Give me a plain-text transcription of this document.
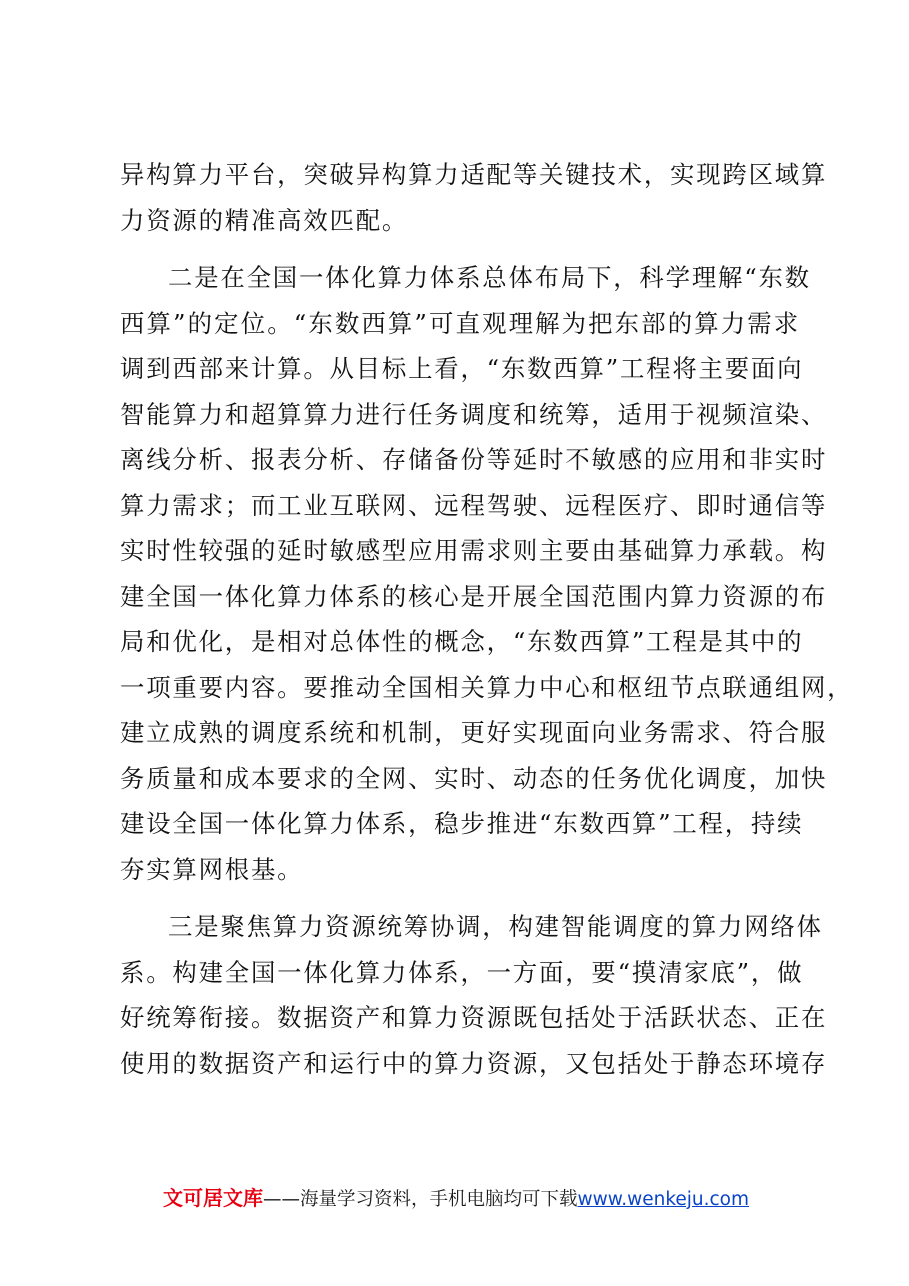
异构算力平台，突破异构算力适配等关键技术，实现跨区域算
力资源的精准高效匹配。

二是在全国一体化算力体系总体布局下，科学理解“东数
西算”的定位。“东数西算”可直观理解为把东部的算力需求
调到西部来计算。从目标上看，“东数西算”工程将主要面向
智能算力和超算算力进行任务调度和统筹，适用于视频渲染、
离线分析、报表分析、存储备份等延时不敏感的应用和非实时
算力需求；而工业互联网、远程驾驶、远程医疗、即时通信等
实时性较强的延时敏感型应用需求则主要由基础算力承载。构
建全国一体化算力体系的核心是开展全国范围内算力资源的布
局和优化，是相对总体性的概念，“东数西算”工程是其中的
一项重要内容。要推动全国相关算力中心和枢纽节点联通组网，
建立成熟的调度系统和机制，更好实现面向业务需求、符合服
务质量和成本要求的全网、实时、动态的任务优化调度，加快
建设全国一体化算力体系，稳步推进“东数西算”工程，持续
夯实算网根基。

三是聚焦算力资源统筹协调，构建智能调度的算力网络体
系。构建全国一体化算力体系，一方面，要“摸清家底”，做
好统筹衔接。数据资产和算力资源既包括处于活跃状态、正在
使用的数据资产和运行中的算力资源，又包括处于静态环境存

文可居文库——海量学习资料，手机电脑均可下载www.wenkeju.com
